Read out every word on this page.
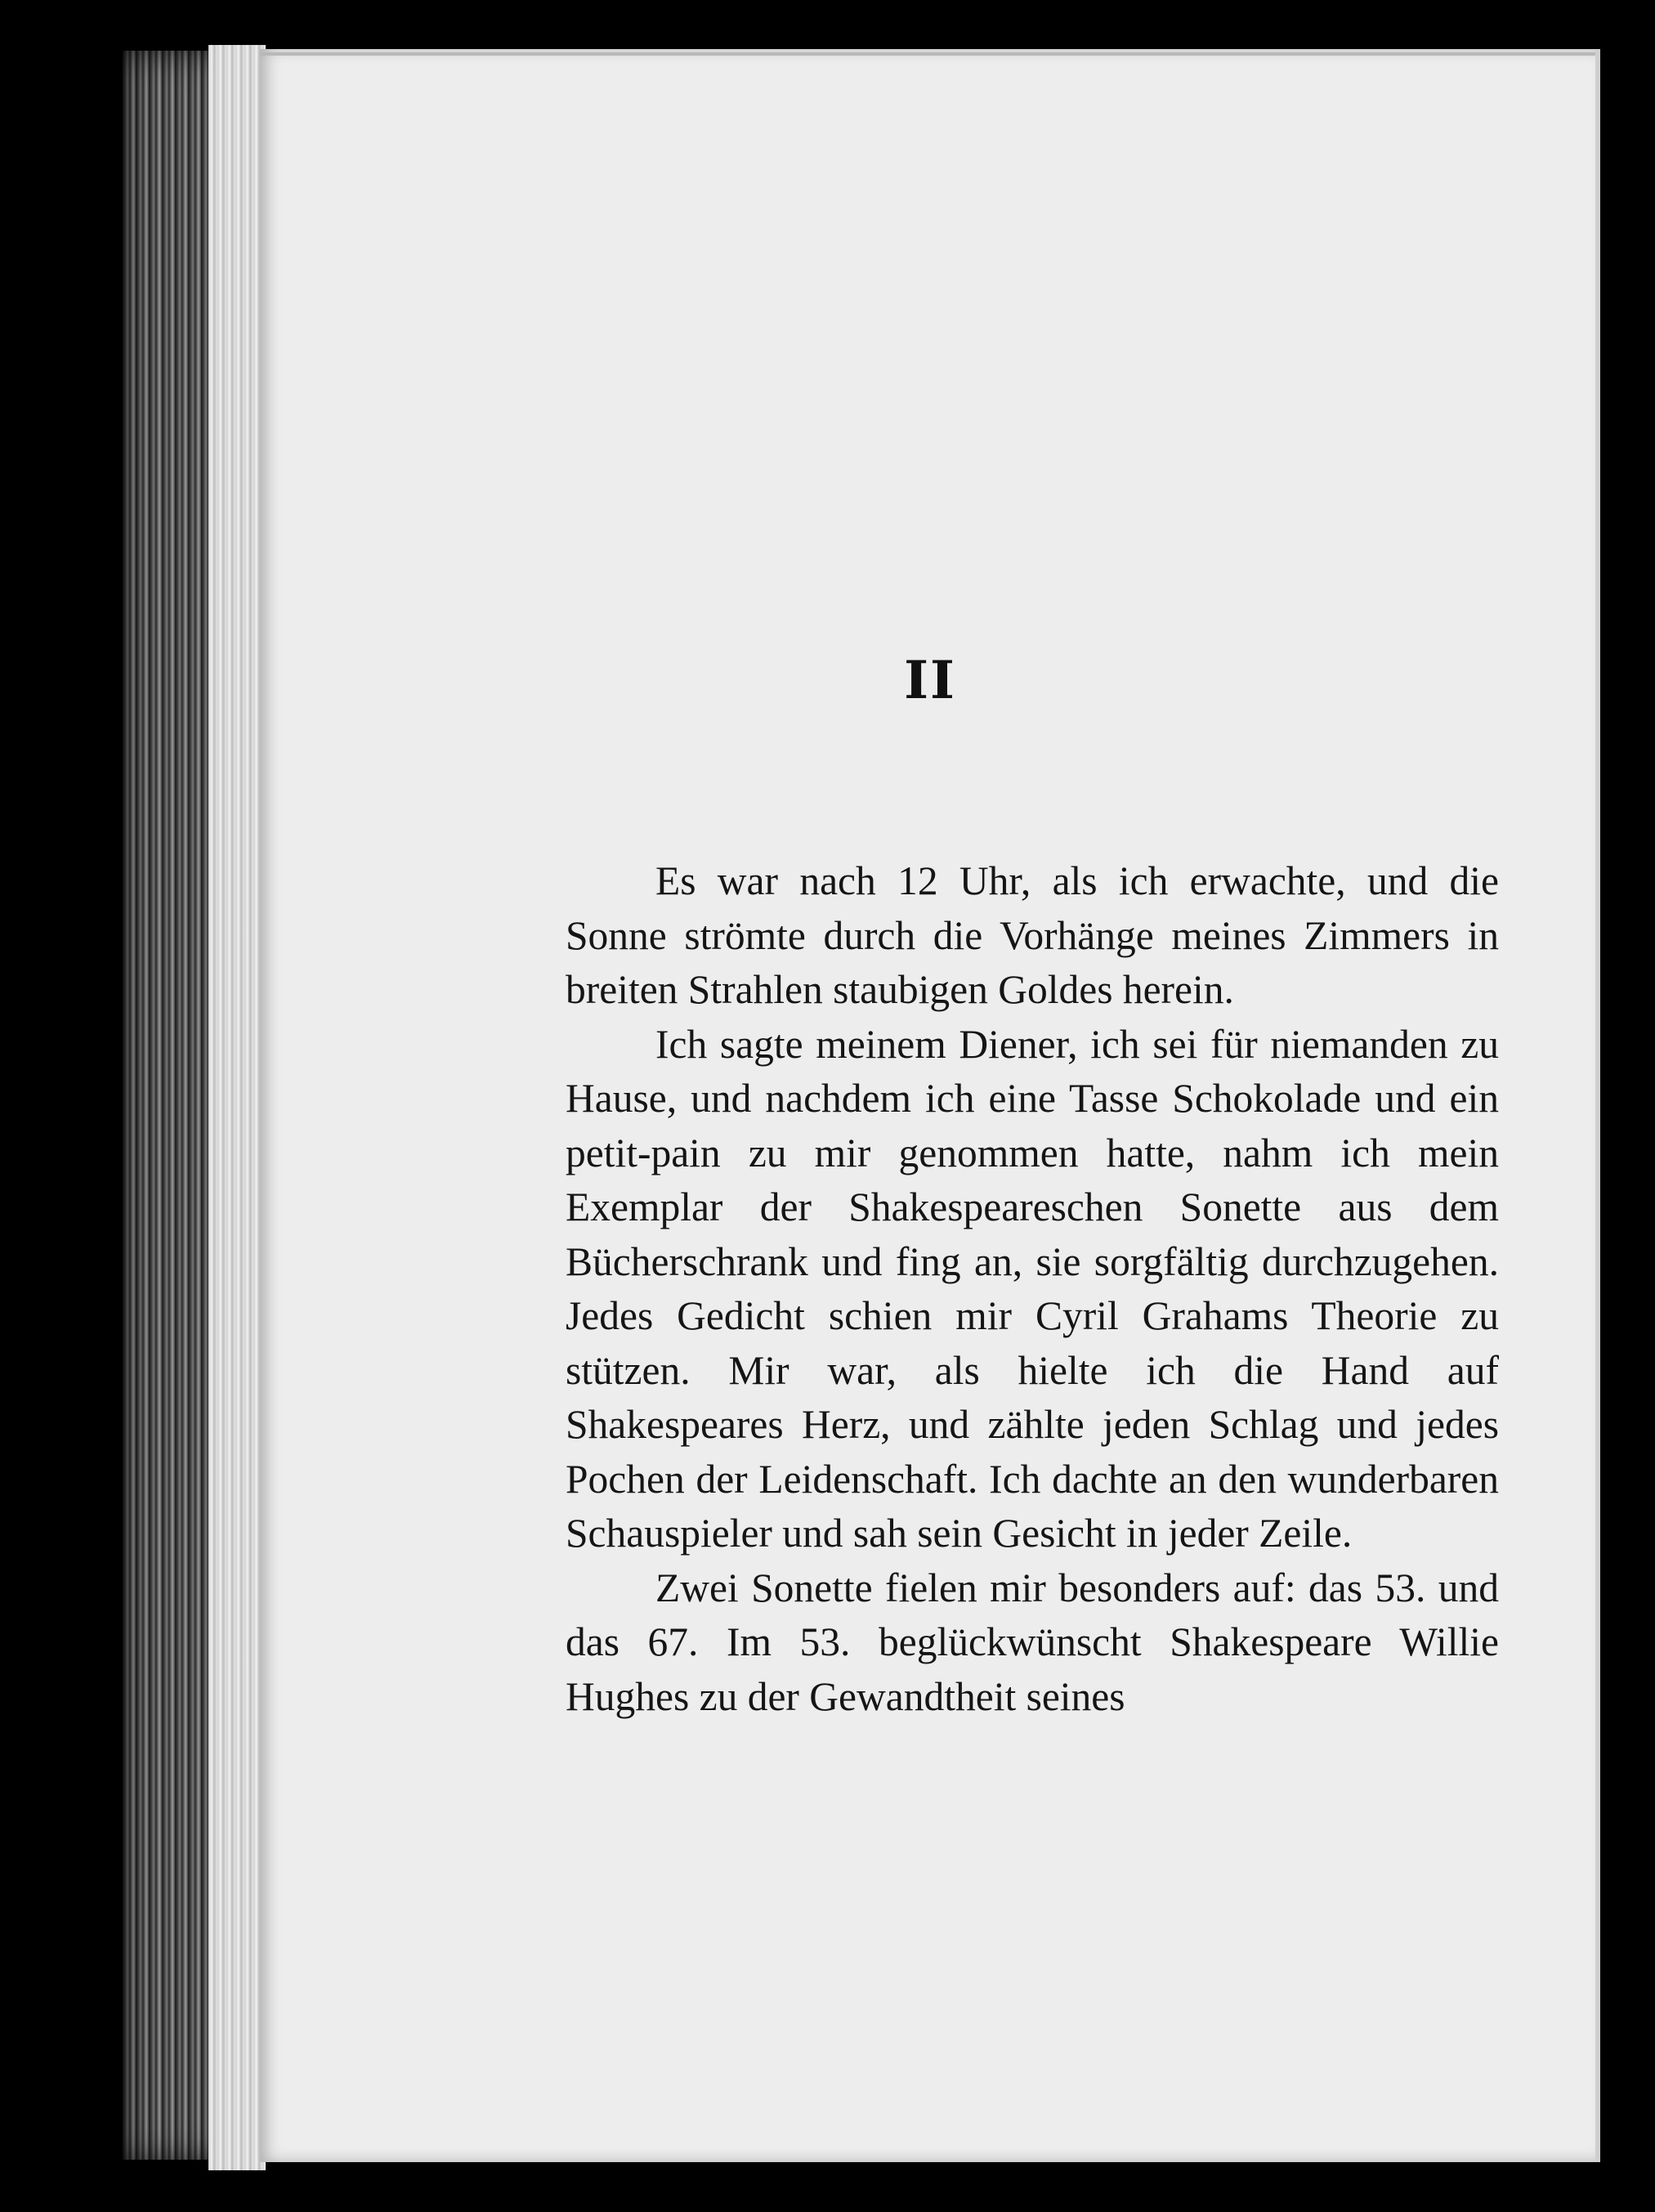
II

Es war nach 12 Uhr, als ich erwachte, und die Sonne strömte durch die Vorhänge meines Zimmers in breiten Strahlen staubigen Goldes herein.

Ich sagte meinem Diener, ich sei für niemanden zu Hause, und nachdem ich eine Tasse Schokolade und ein petit-pain zu mir genommen hatte, nahm ich mein Exemplar der Shakespeareschen Sonette aus dem Bücherschrank und fing an, sie sorgfältig durchzugehen. Jedes Gedicht schien mir Cyril Grahams Theorie zu stützen. Mir war, als hielte ich die Hand auf Shakespeares Herz, und zählte jeden Schlag und jedes Pochen der Leidenschaft. Ich dachte an den wunderbaren Schauspieler und sah sein Gesicht in jeder Zeile.

Zwei Sonette fielen mir besonders auf: das 53. und das 67. Im 53. beglückwünscht Shakespeare Willie Hughes zu der Gewandtheit seines
